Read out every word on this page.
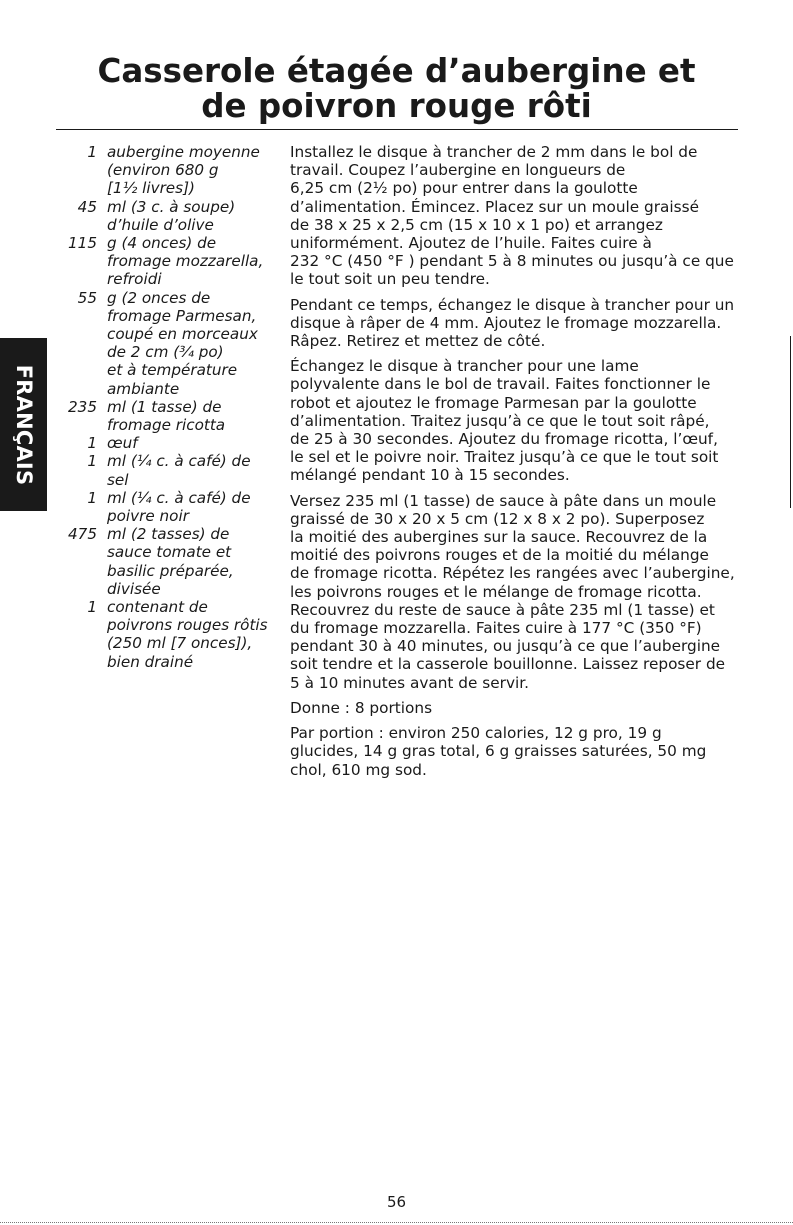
Casserole étagée d’aubergine et
de poivron rouge rôti
FRANÇAIS
1 aubergine moyenne
(environ 680 g
[1½ livres])
45 ml (3 c. à soupe)
d’huile d’olive
115 g (4 onces) de
fromage mozzarella,
refroidi
55 g (2 onces de
fromage Parmesan,
coupé en morceaux
de 2 cm (¾ po)
et à température
ambiante
235 ml (1 tasse) de
fromage ricotta
1 œuf
1 ml (¼ c. à café) de
sel
1 ml (¼ c. à café) de
poivre noir
475 ml (2 tasses) de
sauce tomate et
basilic préparée,
divisée
1 contenant de
poivrons rouges rôtis
(250 ml [7 onces]),
bien drainé

Installez le disque à trancher de 2 mm dans le bol de
travail. Coupez l’aubergine en longueurs de
6,25 cm (2½ po) pour entrer dans la goulotte
d’alimentation. Émincez. Placez sur un moule graissé
de 38 x 25 x 2,5 cm (15 x 10 x 1 po) et arrangez
uniformément. Ajoutez de l’huile. Faites cuire à
232 °C (450 °F ) pendant 5 à 8 minutes ou jusqu’à ce que
le tout soit un peu tendre.

Pendant ce temps, échangez le disque à trancher pour un
disque à râper de 4 mm. Ajoutez le fromage mozzarella.
Râpez. Retirez et mettez de côté.

Échangez le disque à trancher pour une lame
polyvalente dans le bol de travail. Faites fonctionner le
robot et ajoutez le fromage Parmesan par la goulotte
d’alimentation. Traitez jusqu’à ce que le tout soit râpé,
de 25 à 30 secondes. Ajoutez du fromage ricotta, l’œuf,
le sel et le poivre noir. Traitez jusqu’à ce que le tout soit
mélangé pendant 10 à 15 secondes.

Versez 235 ml (1 tasse) de sauce à pâte dans un moule
graissé de 30 x 20 x 5 cm (12 x 8 x 2 po). Superposez
la moitié des aubergines sur la sauce. Recouvrez de la
moitié des poivrons rouges et de la moitié du mélange
de fromage ricotta. Répétez les rangées avec l’aubergine,
les poivrons rouges et le mélange de fromage ricotta.
Recouvrez du reste de sauce à pâte 235 ml (1 tasse) et
du fromage mozzarella. Faites cuire à 177 °C (350 °F)
pendant 30 à 40 minutes, ou jusqu’à ce que l’aubergine
soit tendre et la casserole bouillonne. Laissez reposer de
5 à 10 minutes avant de servir.

Donne : 8 portions

Par portion : environ 250 calories, 12 g pro, 19 g
glucides, 14 g gras total, 6 g graisses saturées, 50 mg
chol, 610 mg sod.

56
